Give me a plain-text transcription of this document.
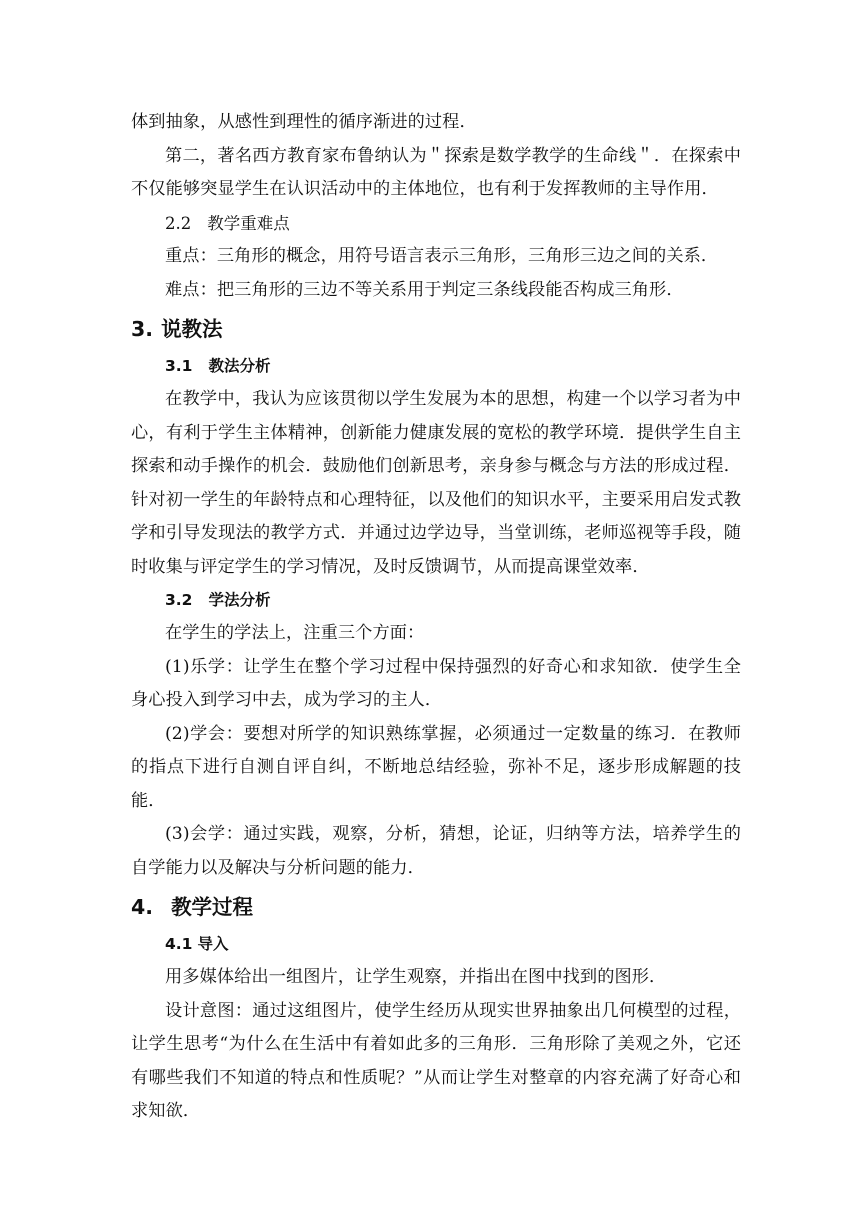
体到抽象，从感性到理性的循序渐进的过程．

第二，著名西方教育家布鲁纳认为＂探索是数学教学的生命线＂．在探索中不仅能够突显学生在认识活动中的主体地位，也有利于发挥教师的主导作用．

2.2 教学重难点

重点：三角形的概念，用符号语言表示三角形，三角形三边之间的关系．

难点：把三角形的三边不等关系用于判定三条线段能否构成三角形．

3. 说教法
3.1 教法分析

在教学中，我认为应该贯彻以学生发展为本的思想，构建一个以学习者为中心，有利于学生主体精神，创新能力健康发展的宽松的教学环境．提供学生自主探索和动手操作的机会．鼓励他们创新思考，亲身参与概念与方法的形成过程．针对初一学生的年龄特点和心理特征，以及他们的知识水平，主要采用启发式教学和引导发现法的教学方式．并通过边学边导，当堂训练，老师巡视等手段，随时收集与评定学生的学习情况，及时反馈调节，从而提高课堂效率．

3.2 学法分析

在学生的学法上，注重三个方面：

(1)乐学：让学生在整个学习过程中保持强烈的好奇心和求知欲．使学生全身心投入到学习中去，成为学习的主人．

(2)学会：要想对所学的知识熟练掌握，必须通过一定数量的练习．在教师的指点下进行自测自评自纠，不断地总结经验，弥补不足，逐步形成解题的技能．

(3)会学：通过实践，观察，分析，猜想，论证，归纳等方法，培养学生的自学能力以及解决与分析问题的能力．

4. 教学过程
4.1 导入

用多媒体给出一组图片，让学生观察，并指出在图中找到的图形．

设计意图：通过这组图片，使学生经历从现实世界抽象出几何模型的过程，让学生思考“为什么在生活中有着如此多的三角形．三角形除了美观之外，它还有哪些我们不知道的特点和性质呢？”从而让学生对整章的内容充满了好奇心和求知欲．
